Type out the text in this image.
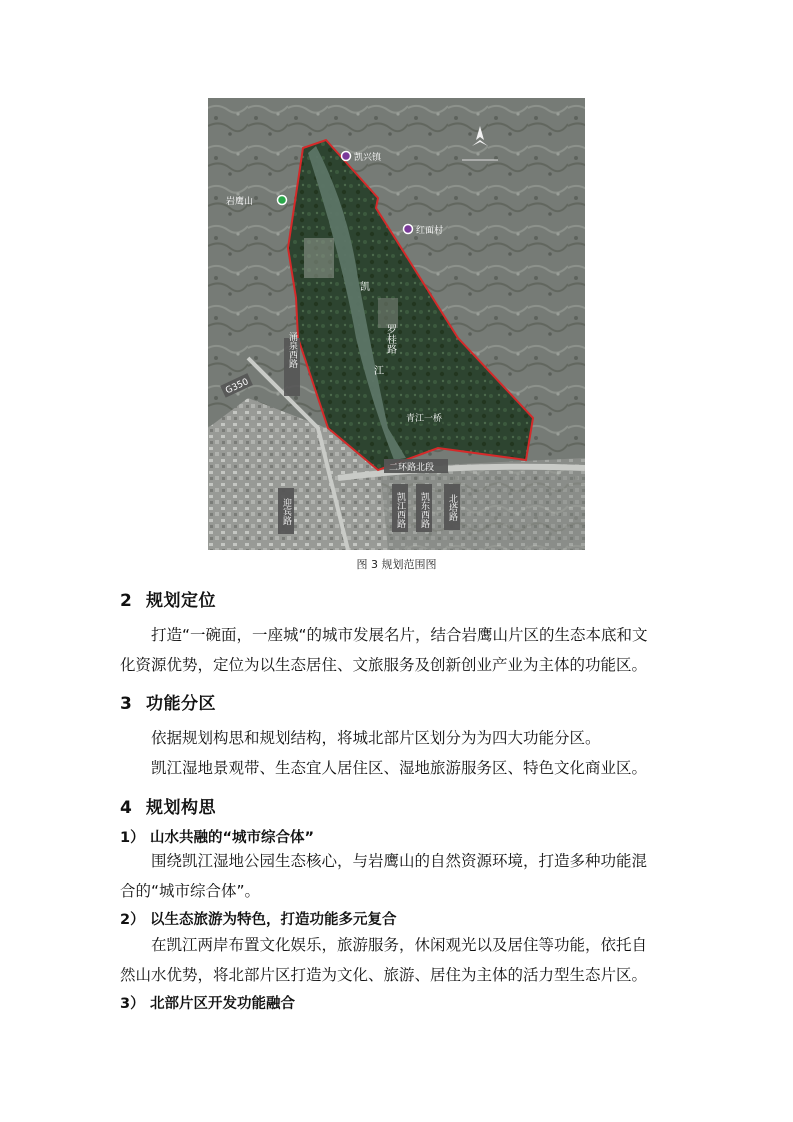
凯兴镇
岩鹰山
红面村
涌泉西路
G350
罗桂路
凯
江
青江一桥
二环路北段
迎宾路	凯江西路 凯东西路 北塔路
图 3 规划范围图
2 规划定位
打造“一碗面，一座城“的城市发展名片，结合岩鹰山片区的生态本底和文化资源优势，定位为以生态居住、文旅服务及创新创业产业为主体的功能区。
3 功能分区
依据规划构思和规划结构，将城北部片区划分为为四大功能分区。
凯江湿地景观带、生态宜人居住区、湿地旅游服务区、特色文化商业区。
4 规划构思
1） 山水共融的“城市综合体”
围绕凯江湿地公园生态核心，与岩鹰山的自然资源环境，打造多种功能混合的“城市综合体”。
2） 以生态旅游为特色，打造功能多元复合
在凯江两岸布置文化娱乐，旅游服务，休闲观光以及居住等功能，依托自然山水优势，将北部片区打造为文化、旅游、居住为主体的活力型生态片区。
3） 北部片区开发功能融合
